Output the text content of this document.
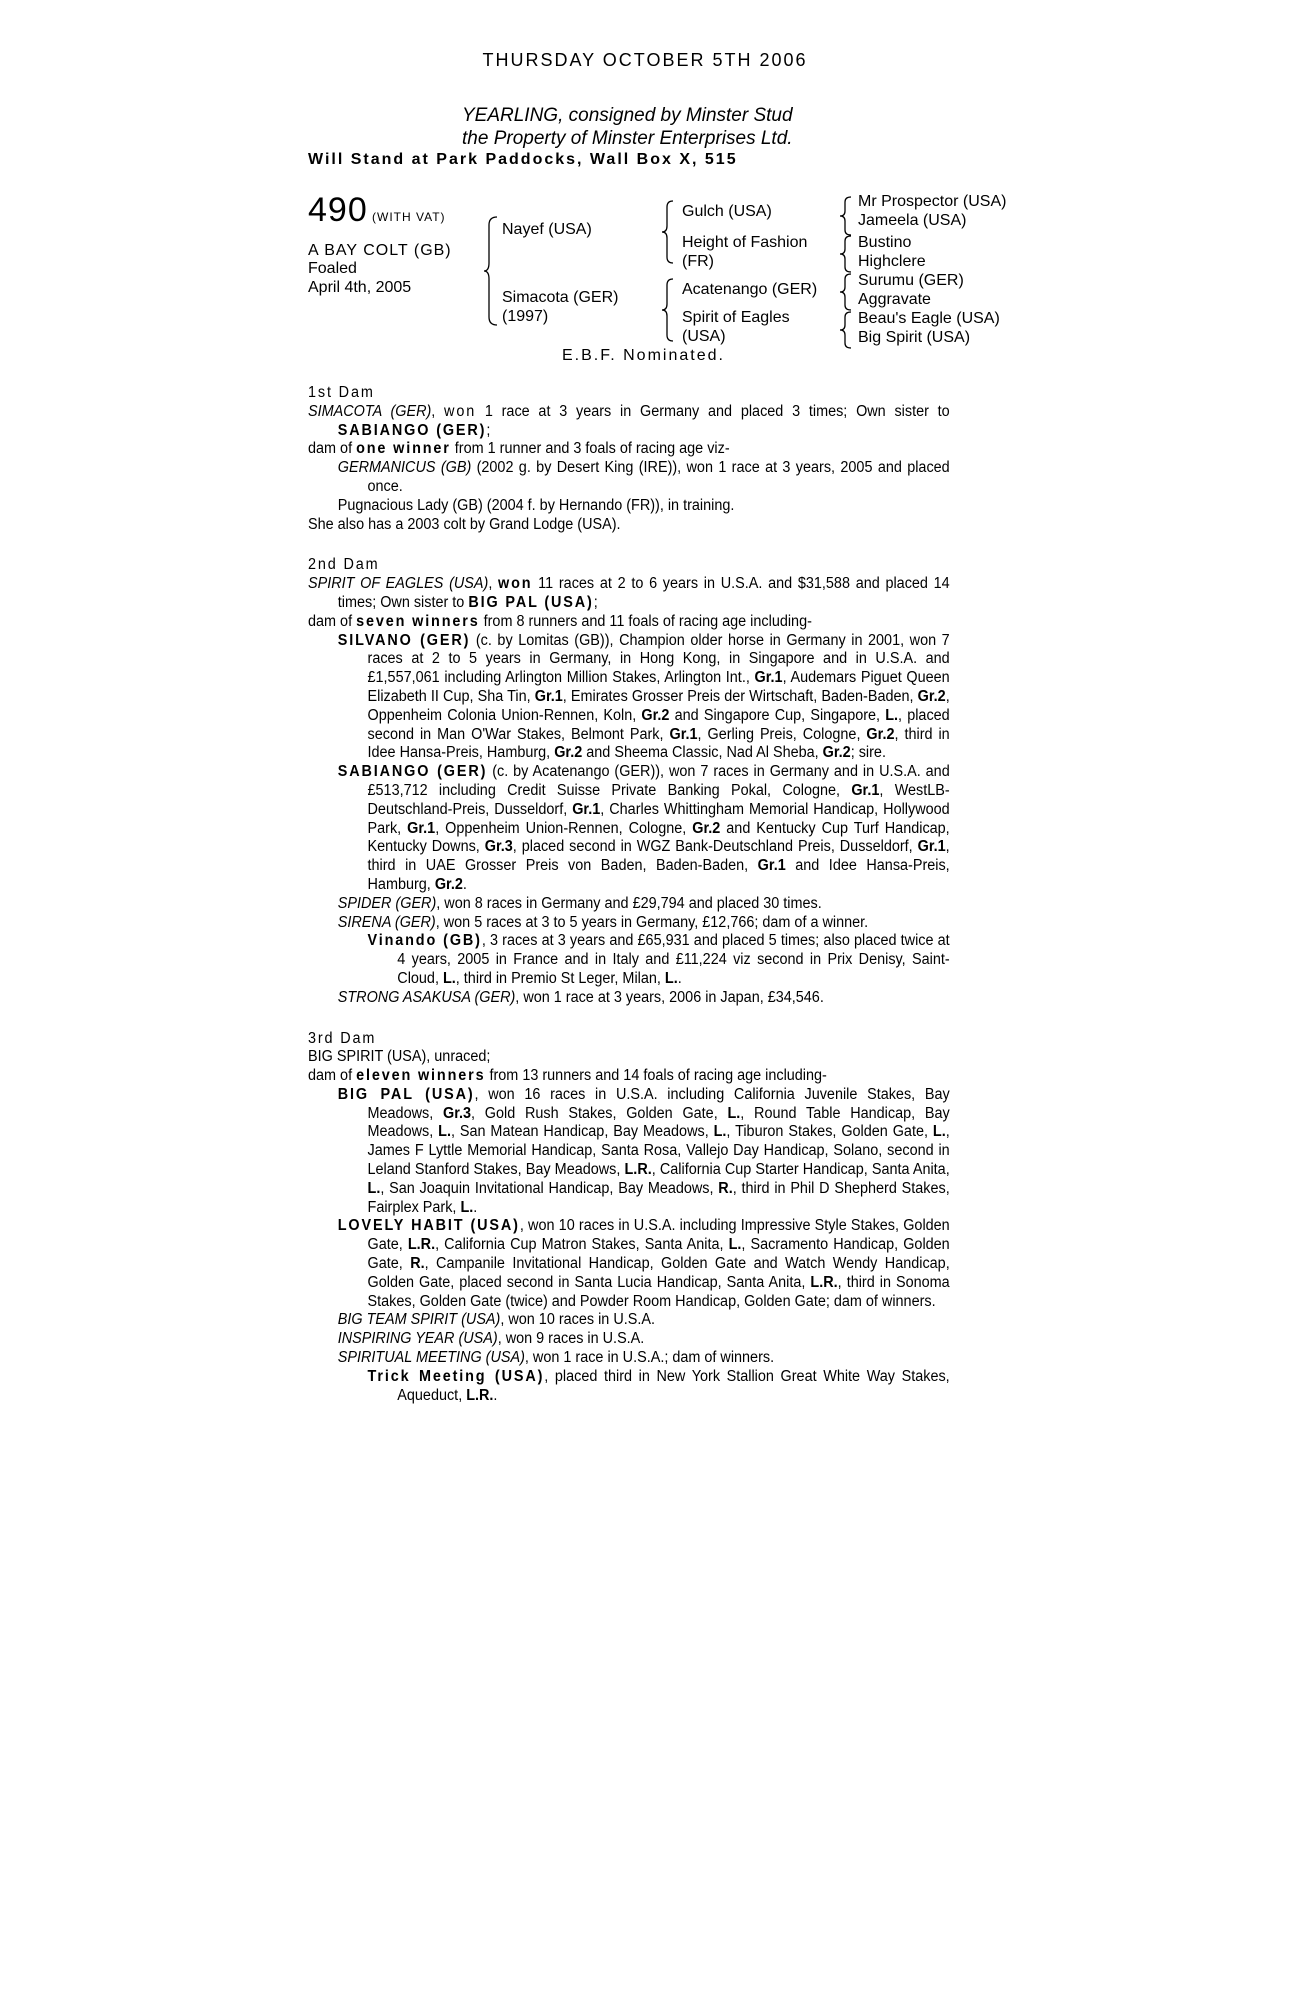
THURSDAY OCTOBER 5TH 2006
YEARLING, consigned by Minster Stud
the Property of Minster Enterprises Ltd.
Will Stand at Park Paddocks, Wall Box X, 515
490 (WITH VAT)
A BAY COLT (GB)
Foaled
April 4th, 2005
Nayef (USA)
Simacota (GER)
(1997)
Gulch (USA)
Height of Fashion
(FR)
Acatenango (GER)
Spirit of Eagles
(USA)
Mr Prospector (USA)
Jameela (USA)
Bustino
Highclere
Surumu (GER)
Aggravate
Beau's Eagle (USA)
Big Spirit (USA)
E.B.F. Nominated.

1st Dam

SIMACOTA (GER), won 1 race at 3 years in Germany and placed 3 times; Own sister to SABIANGO (GER);

dam of one winner from 1 runner and 3 foals of racing age viz-

GERMANICUS (GB) (2002 g. by Desert King (IRE)), won 1 race at 3 years, 2005 and placed once.

Pugnacious Lady (GB) (2004 f. by Hernando (FR)), in training.

She also has a 2003 colt by Grand Lodge (USA).

2nd Dam

SPIRIT OF EAGLES (USA), won 11 races at 2 to 6 years in U.S.A. and $31,588 and placed 14 times; Own sister to BIG PAL (USA);

dam of seven winners from 8 runners and 11 foals of racing age including-

SILVANO (GER) (c. by Lomitas (GB)), Champion older horse in Germany in 2001, won 7 races at 2 to 5 years in Germany, in Hong Kong, in Singapore and in U.S.A. and £1,557,061 including Arlington Million Stakes, Arlington Int., Gr.1, Audemars Piguet Queen Elizabeth II Cup, Sha Tin, Gr.1, Emirates Grosser Preis der Wirtschaft, Baden-Baden, Gr.2, Oppenheim Colonia Union-Rennen, Koln, Gr.2 and Singapore Cup, Singapore, L., placed second in Man O'War Stakes, Belmont Park, Gr.1, Gerling Preis, Cologne, Gr.2, third in Idee Hansa-Preis, Hamburg, Gr.2 and Sheema Classic, Nad Al Sheba, Gr.2; sire.

SABIANGO (GER) (c. by Acatenango (GER)), won 7 races in Germany and in U.S.A. and £513,712 including Credit Suisse Private Banking Pokal, Cologne, Gr.1, WestLB-Deutschland-Preis, Dusseldorf, Gr.1, Charles Whittingham Memorial Handicap, Hollywood Park, Gr.1, Oppenheim Union-Rennen, Cologne, Gr.2 and Kentucky Cup Turf Handicap, Kentucky Downs, Gr.3, placed second in WGZ Bank-Deutschland Preis, Dusseldorf, Gr.1, third in UAE Grosser Preis von Baden, Baden-Baden, Gr.1 and Idee Hansa-Preis, Hamburg, Gr.2.

SPIDER (GER), won 8 races in Germany and £29,794 and placed 30 times.

SIRENA (GER), won 5 races at 3 to 5 years in Germany, £12,766; dam of a winner.

Vinando (GB), 3 races at 3 years and £65,931 and placed 5 times; also placed twice at 4 years, 2005 in France and in Italy and £11,224 viz second in Prix Denisy, Saint-Cloud, L., third in Premio St Leger, Milan, L..

STRONG ASAKUSA (GER), won 1 race at 3 years, 2006 in Japan, £34,546.

3rd Dam

BIG SPIRIT (USA), unraced;

dam of eleven winners from 13 runners and 14 foals of racing age including-

BIG PAL (USA), won 16 races in U.S.A. including California Juvenile Stakes, Bay Meadows, Gr.3, Gold Rush Stakes, Golden Gate, L., Round Table Handicap, Bay Meadows, L., San Matean Handicap, Bay Meadows, L., Tiburon Stakes, Golden Gate, L., James F Lyttle Memorial Handicap, Santa Rosa, Vallejo Day Handicap, Solano, second in Leland Stanford Stakes, Bay Meadows, L.R., California Cup Starter Handicap, Santa Anita, L., San Joaquin Invitational Handicap, Bay Meadows, R., third in Phil D Shepherd Stakes, Fairplex Park, L..

LOVELY HABIT (USA), won 10 races in U.S.A. including Impressive Style Stakes, Golden Gate, L.R., California Cup Matron Stakes, Santa Anita, L., Sacramento Handicap, Golden Gate, R., Campanile Invitational Handicap, Golden Gate and Watch Wendy Handicap, Golden Gate, placed second in Santa Lucia Handicap, Santa Anita, L.R., third in Sonoma Stakes, Golden Gate (twice) and Powder Room Handicap, Golden Gate; dam of winners.

BIG TEAM SPIRIT (USA), won 10 races in U.S.A.

INSPIRING YEAR (USA), won 9 races in U.S.A.

SPIRITUAL MEETING (USA), won 1 race in U.S.A.; dam of winners.

Trick Meeting (USA), placed third in New York Stallion Great White Way Stakes, Aqueduct, L.R..
